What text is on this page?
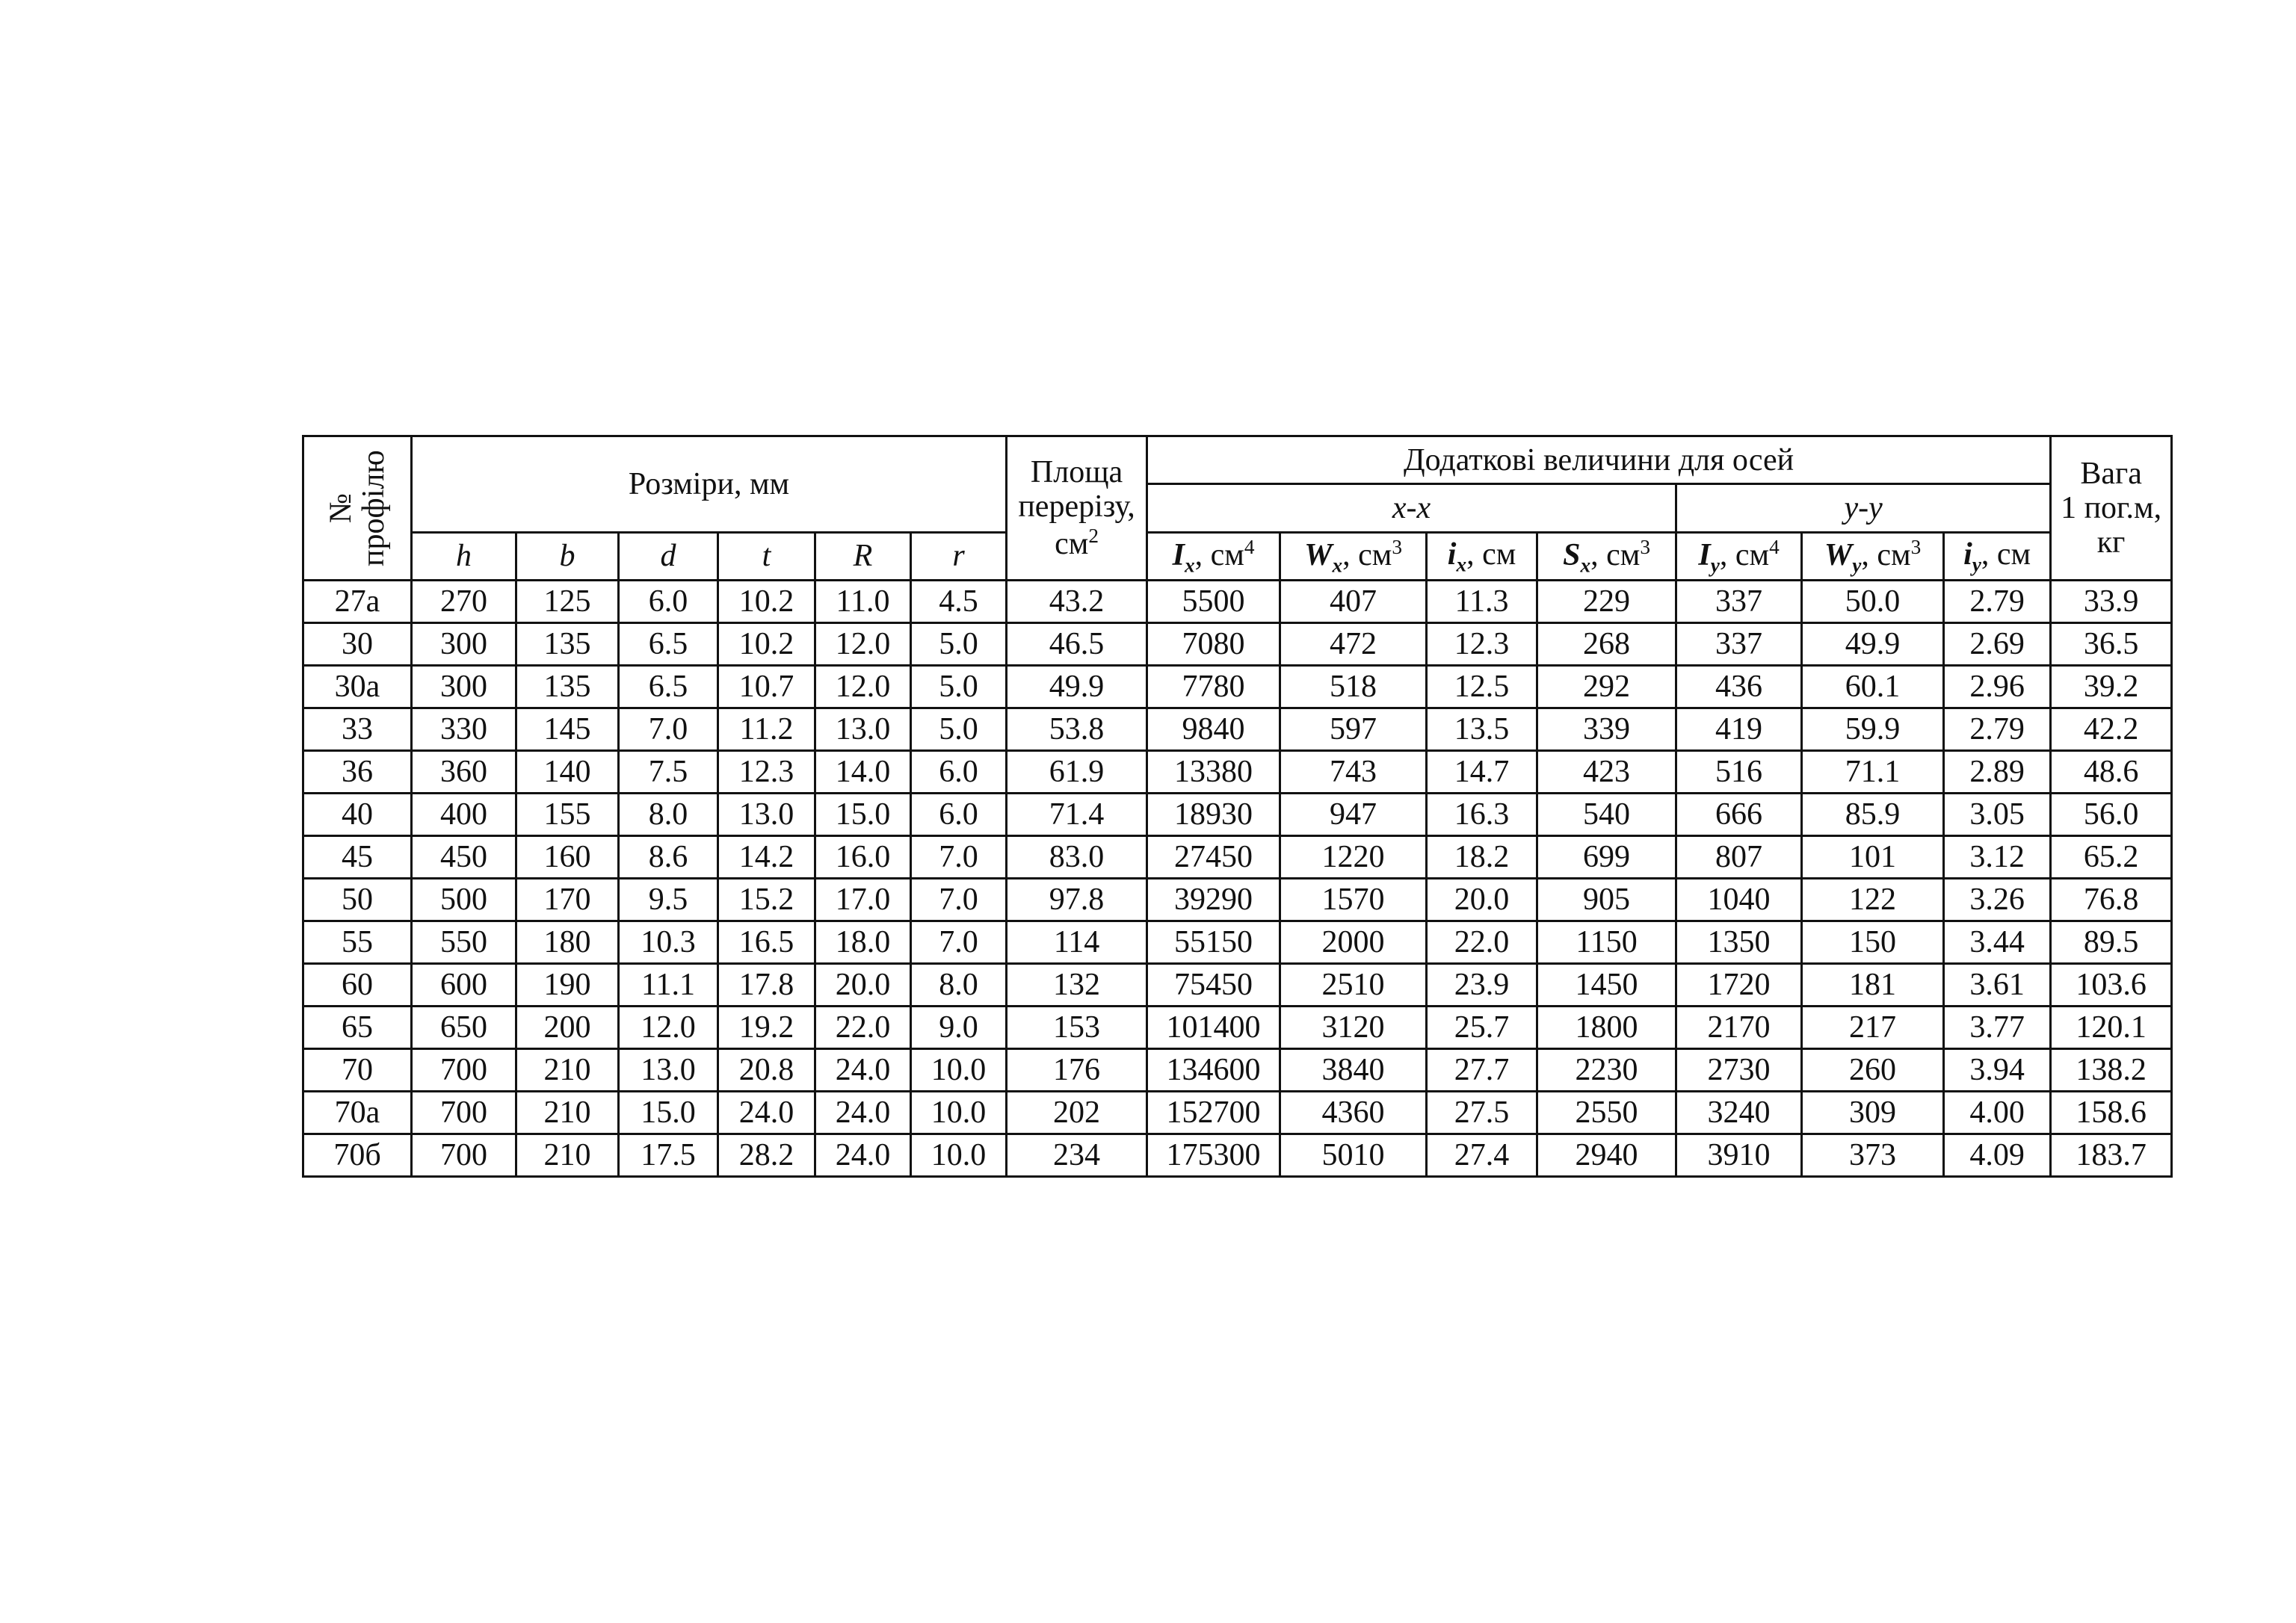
№
профілю	Розміри, мм						Площа
перерізу,
$см^2$	Додаткові величини для осей							Вага
1 пог.м,
кг
								x-x				y-y			
	h	b	d	t	R	r		$I_x$, $см^4$	$W_x$, $см^3$	$i_x$, см	$S_x$, $см^3$	$I_y$, $см^4$	$W_y$, $см^3$	$i_y$, см	
27а	270	125	6.0	10.2	11.0	4.5	43.2	5500	407	11.3	229	337	50.0	2.79	33.9
30	300	135	6.5	10.2	12.0	5.0	46.5	7080	472	12.3	268	337	49.9	2.69	36.5
30а	300	135	6.5	10.7	12.0	5.0	49.9	7780	518	12.5	292	436	60.1	2.96	39.2
33	330	145	7.0	11.2	13.0	5.0	53.8	9840	597	13.5	339	419	59.9	2.79	42.2
36	360	140	7.5	12.3	14.0	6.0	61.9	13380	743	14.7	423	516	71.1	2.89	48.6
40	400	155	8.0	13.0	15.0	6.0	71.4	18930	947	16.3	540	666	85.9	3.05	56.0
45	450	160	8.6	14.2	16.0	7.0	83.0	27450	1220	18.2	699	807	101	3.12	65.2
50	500	170	9.5	15.2	17.0	7.0	97.8	39290	1570	20.0	905	1040	122	3.26	76.8
55	550	180	10.3	16.5	18.0	7.0	114	55150	2000	22.0	1150	1350	150	3.44	89.5
60	600	190	11.1	17.8	20.0	8.0	132	75450	2510	23.9	1450	1720	181	3.61	103.6
65	650	200	12.0	19.2	22.0	9.0	153	101400	3120	25.7	1800	2170	217	3.77	120.1
70	700	210	13.0	20.8	24.0	10.0	176	134600	3840	27.7	2230	2730	260	3.94	138.2
70а	700	210	15.0	24.0	24.0	10.0	202	152700	4360	27.5	2550	3240	309	4.00	158.6
70б	700	210	17.5	28.2	24.0	10.0	234	175300	5010	27.4	2940	3910	373	4.09	183.7
